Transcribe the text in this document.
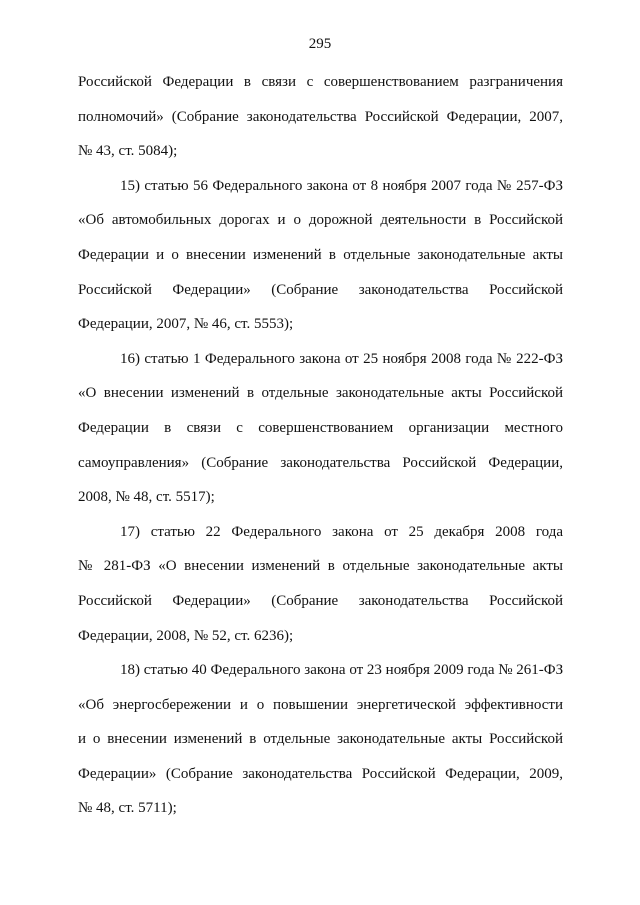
295
Российской Федерации в связи с совершенствованием разграничения
полномочий» (Собрание законодательства Российской Федерации, 2007,
№ 43, ст. 5084);
15) статью 56 Федерального закона от 8 ноября 2007 года № 257-ФЗ
«Об автомобильных дорогах и о дорожной деятельности в Российской
Федерации и о внесении изменений в отдельные законодательные акты
Российской Федерации» (Собрание законодательства Российской
Федерации, 2007, № 46, ст. 5553);
16) статью 1 Федерального закона от 25 ноября 2008 года № 222-ФЗ
«О внесении изменений в отдельные законодательные акты Российской
Федерации в связи с совершенствованием организации местного
самоуправления» (Собрание законодательства Российской Федерации,
2008, № 48, ст. 5517);
17) статью 22 Федерального закона от 25 декабря 2008 года
№ 281-ФЗ «О внесении изменений в отдельные законодательные акты
Российской Федерации» (Собрание законодательства Российской
Федерации, 2008, № 52, ст. 6236);
18) статью 40 Федерального закона от 23 ноября 2009 года № 261-ФЗ
«Об энергосбережении и о повышении энергетической эффективности
и о внесении изменений в отдельные законодательные акты Российской
Федерации» (Собрание законодательства Российской Федерации, 2009,
№ 48, ст. 5711);
